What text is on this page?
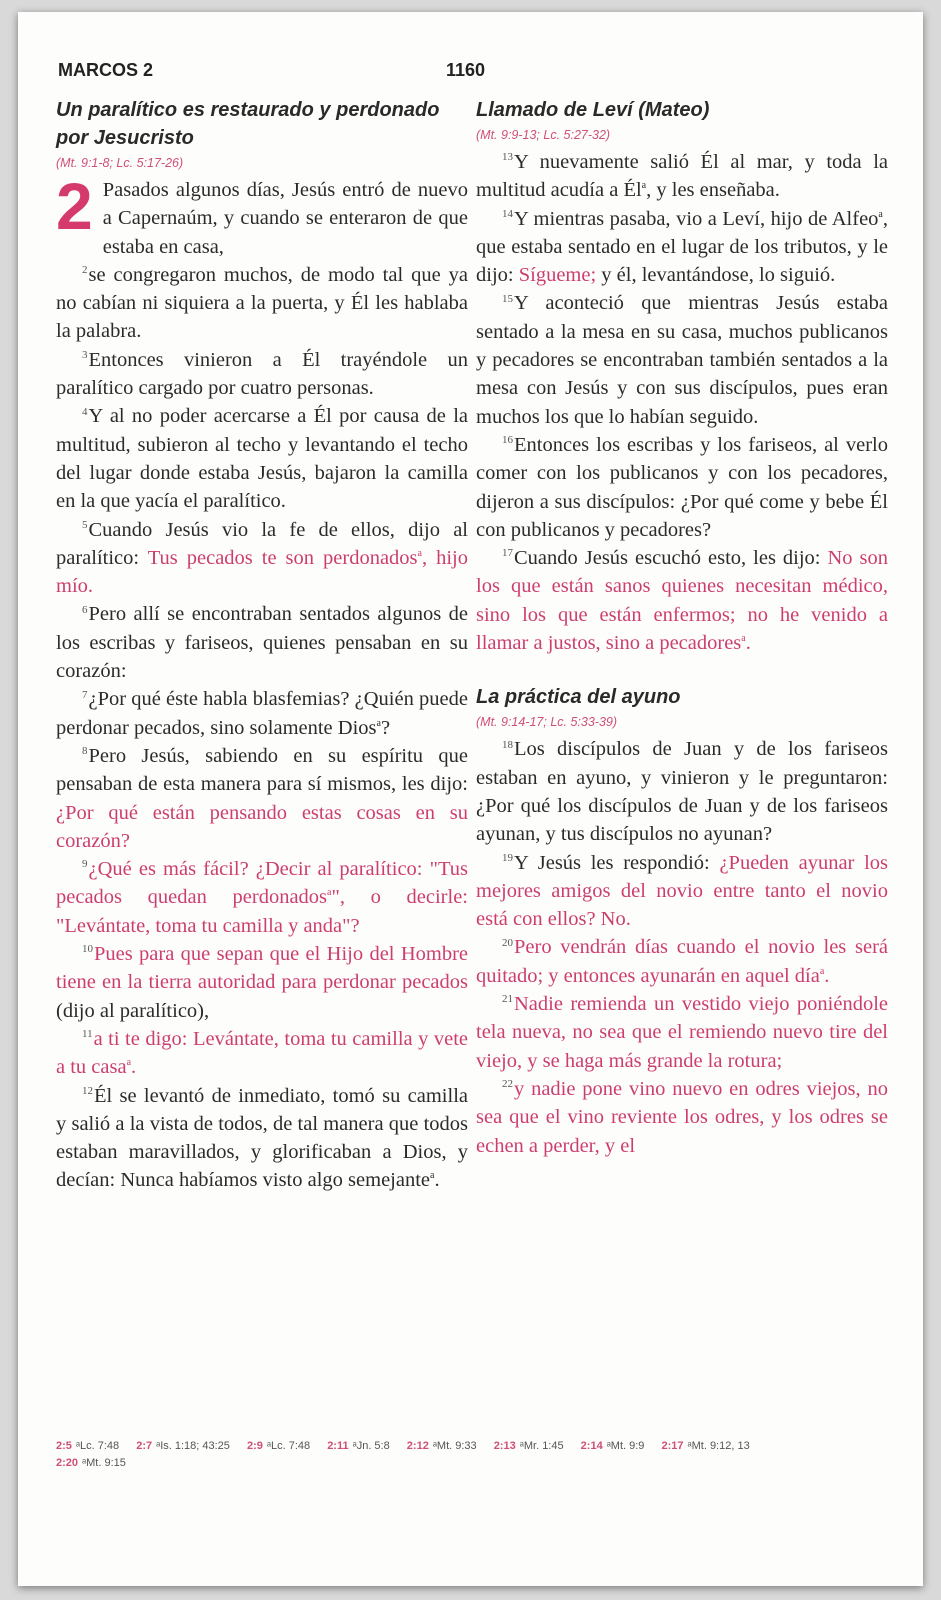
MARCOS 2	1160

Un paralítico es restaurado y perdonado por Jesucristo

(Mt. 9:1-8; Lc. 5:17-26)

2 Pasados algunos días, Jesús entró de nuevo a Capernaúm, y cuando se enteraron de que estaba en casa,

$^2$se congregaron muchos, de modo tal que ya no cabían ni siquiera a la puerta, y Él les hablaba la palabra.

$^3$Entonces vinieron a Él trayéndole un paralítico cargado por cuatro personas.

$^4$Y al no poder acercarse a Él por causa de la multitud, subieron al techo y levantando el techo del lugar donde estaba Jesús, bajaron la camilla en la que yacía el paralítico.

$^5$Cuando Jesús vio la fe de ellos, dijo al paralítico: Tus pecados te son perdonados$^a$, hijo mío.

$^6$Pero allí se encontraban sentados algunos de los escribas y fariseos, quienes pensaban en su corazón:

$^7$¿Por qué éste habla blasfemias? ¿Quién puede perdonar pecados, sino solamente Dios$^a$?

$^8$Pero Jesús, sabiendo en su espíritu que pensaban de esta manera para sí mismos, les dijo: ¿Por qué están pensando estas cosas en su corazón?

$^9$¿Qué es más fácil? ¿Decir al paralítico: "Tus pecados quedan perdonados$^a$", o decirle: "Levántate, toma tu camilla y anda"?

$^{10}$Pues para que sepan que el Hijo del Hombre tiene en la tierra autoridad para perdonar pecados (dijo al paralítico),

$^{11}$a ti te digo: Levántate, toma tu camilla y vete a tu casa$^a$.

$^{12}$Él se levantó de inmediato, tomó su camilla y salió a la vista de todos, de tal manera que todos estaban maravillados, y glorificaban a Dios, y decían: Nunca habíamos visto algo semejante$^a$.

Llamado de Leví (Mateo)

(Mt. 9:9-13; Lc. 5:27-32)

$^{13}$Y nuevamente salió Él al mar, y toda la multitud acudía a $Él^a$, y les enseñaba.

$^{14}$Y mientras pasaba, vio a Leví, hijo de Alfeo$^a$, que estaba sentado en el lugar de los tributos, y le dijo: Sígueme; y él, levantándose, lo siguió.

$^{15}$Y aconteció que mientras Jesús estaba sentado a la mesa en su casa, muchos publicanos y pecadores se encontraban también sentados a la mesa con Jesús y con sus discípulos, pues eran muchos los que lo habían seguido.

$^{16}$Entonces los escribas y los fariseos, al verlo comer con los publicanos y con los pecadores, dijeron a sus discípulos: ¿Por qué come y bebe Él con publicanos y pecadores?

$^{17}$Cuando Jesús escuchó esto, les dijo: No son los que están sanos quienes necesitan médico, sino los que están enfermos; no he venido a llamar a justos, sino a pecadores$^a$.

La práctica del ayuno

(Mt. 9:14-17; Lc. 5:33-39)

$^{18}$Los discípulos de Juan y de los fariseos estaban en ayuno, y vinieron y le preguntaron: ¿Por qué los discípulos de Juan y de los fariseos ayunan, y tus discípulos no ayunan?

$^{19}$Y Jesús les respondió: ¿Pueden ayunar los mejores amigos del novio entre tanto el novio está con ellos? No.

$^{20}$Pero vendrán días cuando el novio les será quitado; y entonces ayunarán en aquel día$^a$.

$^{21}$Nadie remienda un vestido viejo poniéndole tela nueva, no sea que el remiendo nuevo tire del viejo, y se haga más grande la rotura;

$^{22}$y nadie pone vino nuevo en odres viejos, no sea que el vino reviente los odres, y los odres se echen a perder, y el

2:5 ᵃLc. 7:48 2:7 ᵃIs. 1:18; 43:25 2:9 ᵃLc. 7:48 2:11 ᵃJn. 5:8 2:12 ᵃMt. 9:33 2:13 ᵃMr. 1:45 2:14 ᵃMt. 9:9 2:17 ᵃMt. 9:12, 13
2:20 ᵃMt. 9:15
